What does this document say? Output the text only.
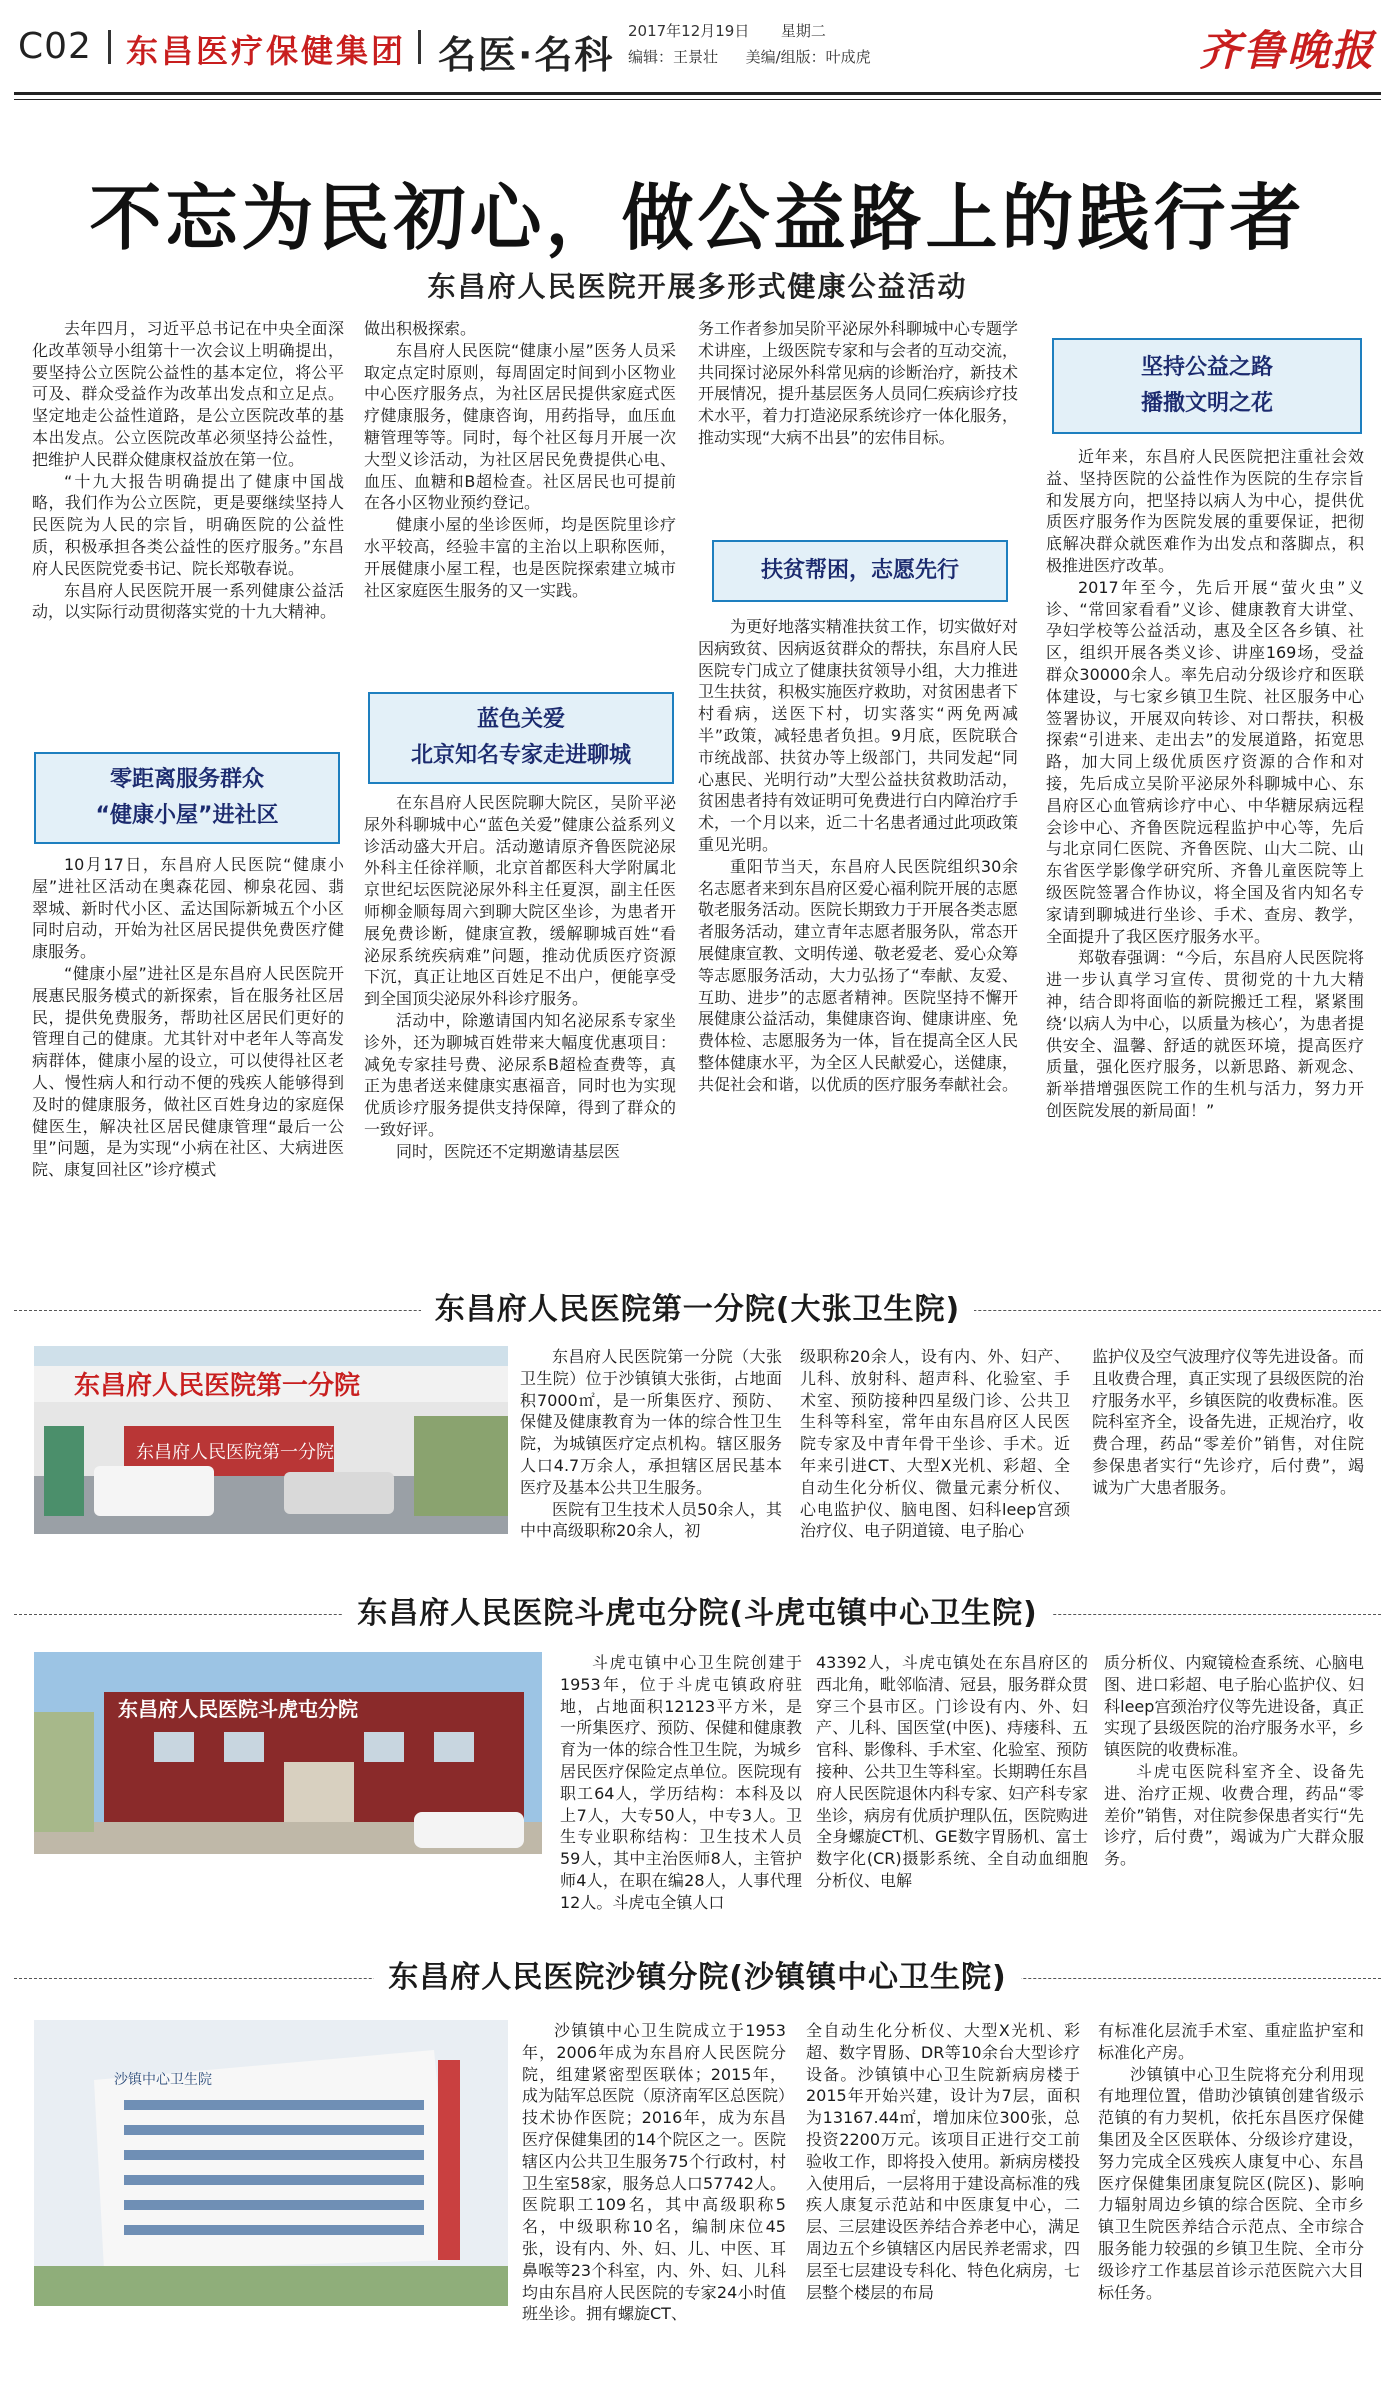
C02 东昌医疗保健集团 名医·名科
2017年12月19日 星期二
编辑：王景壮 美编/组版：叶成虎	齐鲁晚报
不忘为民初心，做公益路上的践行者
东昌府人民医院开展多形式健康公益活动

去年四月，习近平总书记在中央全面深化改革领导小组第十一次会议上明确提出，要坚持公立医院公益性的基本定位，将公平可及、群众受益作为改革出发点和立足点。坚定地走公益性道路，是公立医院改革的基本出发点。公立医院改革必须坚持公益性，把维护人民群众健康权益放在第一位。

“十九大报告明确提出了健康中国战略，我们作为公立医院，更是要继续坚持人民医院为人民的宗旨，明确医院的公益性质，积极承担各类公益性的医疗服务。”东昌府人民医院党委书记、院长郑敬春说。

东昌府人民医院开展一系列健康公益活动，以实际行动贯彻落实党的十九大精神。

零距离服务群众
“健康小屋”进社区

10月17日，东昌府人民医院“健康小屋”进社区活动在奥森花园、柳泉花园、翡翠城、新时代小区、孟达国际新城五个小区同时启动，开始为社区居民提供免费医疗健康服务。

“健康小屋”进社区是东昌府人民医院开展惠民服务模式的新探索，旨在服务社区居民，提供免费服务，帮助社区居民们更好的管理自己的健康。尤其针对中老年人等高发病群体，健康小屋的设立，可以使得社区老人、慢性病人和行动不便的残疾人能够得到及时的健康服务，做社区百姓身边的家庭保健医生，解决社区居民健康管理“最后一公里”问题，是为实现“小病在社区、大病进医院、康复回社区”诊疗模式

做出积极探索。

东昌府人民医院“健康小屋”医务人员采取定点定时原则，每周固定时间到小区物业中心医疗服务点，为社区居民提供家庭式医疗健康服务，健康咨询，用药指导，血压血糖管理等等。同时，每个社区每月开展一次大型义诊活动，为社区居民免费提供心电、血压、血糖和B超检查。社区居民也可提前在各小区物业预约登记。

健康小屋的坐诊医师，均是医院里诊疗水平较高，经验丰富的主治以上职称医师，开展健康小屋工程，也是医院探索建立城市社区家庭医生服务的又一实践。

蓝色关爱
北京知名专家走进聊城

在东昌府人民医院聊大院区，吴阶平泌尿外科聊城中心“蓝色关爱”健康公益系列义诊活动盛大开启。活动邀请原齐鲁医院泌尿外科主任徐祥顺，北京首都医科大学附属北京世纪坛医院泌尿外科主任夏溟，副主任医师柳金顺每周六到聊大院区坐诊，为患者开展免费诊断，健康宣教，缓解聊城百姓“看泌尿系统疾病难”问题，推动优质医疗资源下沉，真正让地区百姓足不出户，便能享受到全国顶尖泌尿外科诊疗服务。

活动中，除邀请国内知名泌尿系专家坐诊外，还为聊城百姓带来大幅度优惠项目：减免专家挂号费、泌尿系B超检查费等，真正为患者送来健康实惠福音，同时也为实现优质诊疗服务提供支持保障，得到了群众的一致好评。

同时，医院还不定期邀请基层医

务工作者参加吴阶平泌尿外科聊城中心专题学术讲座，上级医院专家和与会者的互动交流，共同探讨泌尿外科常见病的诊断治疗，新技术开展情况，提升基层医务人员同仁疾病诊疗技术水平，着力打造泌尿系统诊疗一体化服务，推动实现“大病不出县”的宏伟目标。

扶贫帮困，志愿先行

为更好地落实精准扶贫工作，切实做好对因病致贫、因病返贫群众的帮扶，东昌府人民医院专门成立了健康扶贫领导小组，大力推进卫生扶贫，积极实施医疗救助，对贫困患者下村看病，送医下村，切实落实“两免两减半”政策，减轻患者负担。9月底，医院联合市统战部、扶贫办等上级部门，共同发起“同心惠民、光明行动”大型公益扶贫救助活动，贫困患者持有效证明可免费进行白内障治疗手术，一个月以来，近二十名患者通过此项政策重见光明。

重阳节当天，东昌府人民医院组织30余名志愿者来到东昌府区爱心福利院开展的志愿敬老服务活动。医院长期致力于开展各类志愿者服务活动，建立青年志愿者服务队，常态开展健康宣教、文明传递、敬老爱老、爱心众筹等志愿服务活动，大力弘扬了“奉献、友爱、互助、进步”的志愿者精神。医院坚持不懈开展健康公益活动，集健康咨询、健康讲座、免费体检、志愿服务为一体，旨在提高全区人民整体健康水平，为全区人民献爱心，送健康，共促社会和谐，以优质的医疗服务奉献社会。

坚持公益之路
播撒文明之花

近年来，东昌府人民医院把注重社会效益、坚持医院的公益性作为医院的生存宗旨和发展方向，把坚持以病人为中心，提供优质医疗服务作为医院发展的重要保证，把彻底解决群众就医难作为出发点和落脚点，积极推进医疗改革。

2017年至今，先后开展“萤火虫”义诊、“常回家看看”义诊、健康教育大讲堂、孕妇学校等公益活动，惠及全区各乡镇、社区，组织开展各类义诊、讲座169场，受益群众30000余人。率先启动分级诊疗和医联体建设，与七家乡镇卫生院、社区服务中心签署协议，开展双向转诊、对口帮扶，积极探索“引进来、走出去”的发展道路，拓宽思路，加大同上级优质医疗资源的合作和对接，先后成立吴阶平泌尿外科聊城中心、东昌府区心血管病诊疗中心、中华糖尿病远程会诊中心、齐鲁医院远程监护中心等，先后与北京同仁医院、齐鲁医院、山大二院、山东省医学影像学研究所、齐鲁儿童医院等上级医院签署合作协议，将全国及省内知名专家请到聊城进行坐诊、手术、查房、教学，全面提升了我区医疗服务水平。

郑敬春强调：“今后，东昌府人民医院将进一步认真学习宣传、贯彻党的十九大精神，结合即将面临的新院搬迁工程，紧紧围绕‘以病人为中心，以质量为核心’，为患者提供安全、温馨、舒适的就医环境，提高医疗质量，强化医疗服务，以新思路、新观念、新举措增强医院工作的生机与活力，努力开创医院发展的新局面！”

东昌府人民医院第一分院(大张卫生院)
东昌府人民医院第一分院
东昌府人民医院第一分院

东昌府人民医院第一分院（大张卫生院）位于沙镇镇大张街，占地面积7000㎡，是一所集医疗、预防、保健及健康教育为一体的综合性卫生院，为城镇医疗定点机构。辖区服务人口4.7万余人，承担辖区居民基本医疗及基本公共卫生服务。

医院有卫生技术人员50余人，其中中高级职称20余人，初

级职称20余人，设有内、外、妇产、儿科、放射科、超声科、化验室、手术室、预防接种四星级门诊、公共卫生科等科室，常年由东昌府区人民医院专家及中青年骨干坐诊、手术。近年来引进CT、大型X光机、彩超、全自动生化分析仪、微量元素分析仪、心电监护仪、脑电图、妇科leep宫颈治疗仪、电子阴道镜、电子胎心

监护仪及空气波理疗仪等先进设备。而且收费合理，真正实现了县级医院的治疗服务水平，乡镇医院的收费标准。医院科室齐全，设备先进，正规治疗，收费合理，药品“零差价”销售，对住院参保患者实行“先诊疗，后付费”，竭诚为广大患者服务。

东昌府人民医院斗虎屯分院(斗虎屯镇中心卫生院)
东昌府人民医院斗虎屯分院

斗虎屯镇中心卫生院创建于1953年，位于斗虎屯镇政府驻地，占地面积12123平方米，是一所集医疗、预防、保健和健康教育为一体的综合性卫生院，为城乡居民医疗保险定点单位。医院现有职工64人，学历结构：本科及以上7人，大专50人，中专3人。卫生专业职称结构：卫生技术人员59人，其中主治医师8人，主管护师4人，在职在编28人，人事代理12人。斗虎屯全镇人口

43392人，斗虎屯镇处在东昌府区的西北角，毗邻临清、冠县，服务群众贯穿三个县市区。门诊设有内、外、妇产、儿科、国医堂(中医)、痔瘘科、五官科、影像科、手术室、化验室、预防接种、公共卫生等科室。长期聘任东昌府人民医院退休内科专家、妇产科专家坐诊，病房有优质护理队伍，医院购进全身螺旋CT机、GE数字胃肠机、富士数字化(CR)摄影系统、全自动血细胞分析仪、电解

质分析仪、内窥镜检查系统、心脑电图、进口彩超、电子胎心监护仪、妇科leep宫颈治疗仪等先进设备，真正实现了县级医院的治疗服务水平，乡镇医院的收费标准。

斗虎屯医院科室齐全、设备先进、治疗正规、收费合理，药品“零差价”销售，对住院参保患者实行“先诊疗，后付费”，竭诚为广大群众服务。

东昌府人民医院沙镇分院(沙镇镇中心卫生院)
沙镇中心卫生院

沙镇镇中心卫生院成立于1953年，2006年成为东昌府人民医院分院，组建紧密型医联体；2015年，成为陆军总医院（原济南军区总医院）技术协作医院；2016年，成为东昌医疗保健集团的14个院区之一。医院辖区内公共卫生服务75个行政村，村卫生室58家，服务总人口57742人。医院职工109名，其中高级职称5名，中级职称10名，编制床位45张，设有内、外、妇、儿、中医、耳鼻喉等23个科室，内、外、妇、儿科均由东昌府人民医院的专家24小时值班坐诊。拥有螺旋CT、

全自动生化分析仪、大型X光机、彩超、数字胃肠、DR等10余台大型诊疗设备。沙镇镇中心卫生院新病房楼于2015年开始兴建，设计为7层，面积为13167.44㎡，增加床位300张，总投资2200万元。该项目正进行交工前验收工作，即将投入使用。新病房楼投入使用后，一层将用于建设高标准的残疾人康复示范站和中医康复中心，二层、三层建设医养结合养老中心，满足周边五个乡镇辖区内居民养老需求，四层至七层建设专科化、特色化病房，七层整个楼层的布局

有标准化层流手术室、重症监护室和标准化产房。

沙镇镇中心卫生院将充分利用现有地理位置，借助沙镇镇创建省级示范镇的有力契机，依托东昌医疗保健集团及全区医联体、分级诊疗建设，努力完成全区残疾人康复中心、东昌医疗保健集团康复院区(院区)、影响力辐射周边乡镇的综合医院、全市乡镇卫生院医养结合示范点、全市综合服务能力较强的乡镇卫生院、全市分级诊疗工作基层首诊示范医院六大目标任务。
